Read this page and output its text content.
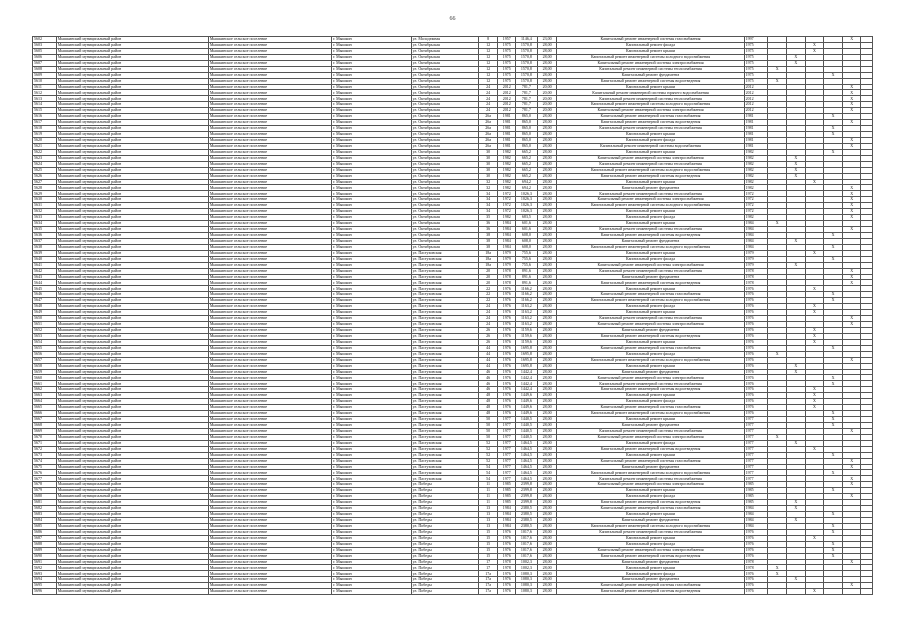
66
5602	Мышкинский муниципальный район	Мышкинское сельское поселение	г. Мышкин	ул. Молодежная	8	1957	1146,4	23,00	Капитальный ремонт инженерной системы газоснабжения	1997					X	
5603	Мышкинский муниципальный район	Мышкинское сельское поселение	г. Мышкин	ул. Октябрьская	12	1975	1570,8	28,00	Капитальный ремонт фасада	1975			X			
5605	Мышкинский муниципальный район	Мышкинское сельское поселение	г. Мышкин	ул. Октябрьская	12	1975	1570,8	28,00	Капитальный ремонт крыши	1975			X			
5606	Мышкинский муниципальный район	Мышкинское сельское поселение	г. Мышкин	ул. Октябрьская	12	1975	1570,8	28,00	Капитальный ремонт инженерной системы холодного водоснабжения	1975		X				
5607	Мышкинский муниципальный район	Мышкинское сельское поселение	г. Мышкин	ул. Октябрьская	12	1975	1570,8	28,00	Капитальный ремонт инженерной системы электроснабжения	1975		X				
5608	Мышкинский муниципальный район	Мышкинское сельское поселение	г. Мышкин	ул. Октябрьская	12	1975	1570,8	28,00	Капитальный ремонт инженерной системы теплоснабжения	1975	X					
5609	Мышкинский муниципальный район	Мышкинское сельское поселение	г. Мышкин	ул. Октябрьская	12	1975	1570,8	28,00	Капитальный ремонт фундамента	1975				X		
5610	Мышкинский муниципальный район	Мышкинское сельское поселение	г. Мышкин	ул. Октябрьская	12	1975	1570,8	28,00	Капитальный ремонт инженерной системы водоотведения	1975	X					
5611	Мышкинский муниципальный район	Мышкинское сельское поселение	г. Мышкин	ул. Октябрьская	24	2012	781,7	20,00	Капитальный ремонт крыши	2012					X	
5612	Мышкинский муниципальный район	Мышкинское сельское поселение	г. Мышкин	ул. Октябрьская	24	2012	781,7	20,00	Капитальный ремонт инженерной системы горячего водоснабжения	2012					X	
5613	Мышкинский муниципальный район	Мышкинское сельское поселение	г. Мышкин	ул. Октябрьская	24	2012	781,7	20,00	Капитальный ремонт инженерной системы теплоснабжения	2012					X	
5614	Мышкинский муниципальный район	Мышкинское сельское поселение	г. Мышкин	ул. Октябрьская	24	2012	781,7	20,00	Капитальный ремонт инженерной системы холодного водоснабжения	2012					X	
5615	Мышкинский муниципальный район	Мышкинское сельское поселение	г. Мышкин	ул. Октябрьская	24	2012	781,7	20,00	Капитальный ремонт инженерной системы электроснабжения	2012					X	
5616	Мышкинский муниципальный район	Мышкинское сельское поселение	г. Мышкин	ул. Октябрьская	26а	1981	865,0	28,00	Капитальный ремонт инженерной системы газоснабжения	1981				X		
5617	Мышкинский муниципальный район	Мышкинское сельское поселение	г. Мышкин	ул. Октябрьская	26а	1981	865,0	28,00	Капитальный ремонт инженерной системы водоотведения	1981					X	
5618	Мышкинский муниципальный район	Мышкинское сельское поселение	г. Мышкин	ул. Октябрьская	26а	1981	865,0	28,00	Капитальный ремонт инженерной системы теплоснабжения	1981				X		
5619	Мышкинский муниципальный район	Мышкинское сельское поселение	г. Мышкин	ул. Октябрьская	26а	1981	865,0	28,00	Капитальный ремонт крыши	1981				X		
5620	Мышкинский муниципальный район	Мышкинское сельское поселение	г. Мышкин	ул. Октябрьская	26а	1981	865,0	28,00	Капитальный ремонт фасада	1981					X	
5621	Мышкинский муниципальный район	Мышкинское сельское поселение	г. Мышкин	ул. Октябрьская	26а	1981	865,0	28,00	Капитальный ремонт инженерной системы водоснабжения	1981					X	
5622	Мышкинский муниципальный район	Мышкинское сельское поселение	г. Мышкин	ул. Октябрьская	30	1982	665,2	28,00	Капитальный ремонт крыши	1982				X		
5623	Мышкинский муниципальный район	Мышкинское сельское поселение	г. Мышкин	ул. Октябрьская	30	1982	665,2	28,00	Капитальный ремонт инженерной системы электроснабжения	1982		X				
5624	Мышкинский муниципальный район	Мышкинское сельское поселение	г. Мышкин	ул. Октябрьская	30	1982	665,2	28,00	Капитальный ремонт инженерной системы теплоснабжения	1982		X				
5625	Мышкинский муниципальный район	Мышкинское сельское поселение	г. Мышкин	ул. Октябрьская	30	1982	665,2	28,00	Капитальный ремонт инженерной системы холодного водоснабжения	1982		X				
5626	Мышкинский муниципальный район	Мышкинское сельское поселение	г. Мышкин	ул. Октябрьская	30	1982	665,2	28,00	Капитальный ремонт инженерной системы водоотведения	1982		X				
5627	Мышкинский муниципальный район	Мышкинское сельское поселение	г. Мышкин	ул. Октябрьская	32	1982	694,2	28,00	Капитальный ремонт крыши	1982			X			
5628	Мышкинский муниципальный район	Мышкинское сельское поселение	г. Мышкин	ул. Октябрьская	32	1982	694,2	28,00	Капитальный ремонт фундамента	1982					X	
5629	Мышкинский муниципальный район	Мышкинское сельское поселение	г. Мышкин	ул. Октябрьская	34	1972	1026,3	28,00	Капитальный ремонт инженерной системы теплоснабжения	1972					X	
5630	Мышкинский муниципальный район	Мышкинское сельское поселение	г. Мышкин	ул. Октябрьская	34	1972	1026,3	28,00	Капитальный ремонт инженерной системы электроснабжения	1972					X	
5631	Мышкинский муниципальный район	Мышкинское сельское поселение	г. Мышкин	ул. Октябрьская	34	1972	1026,3	28,00	Капитальный ремонт инженерной системы холодного водоснабжения	1972					X	
5632	Мышкинский муниципальный район	Мышкинское сельское поселение	г. Мышкин	ул. Октябрьская	34	1972	1026,3	28,00	Капитальный ремонт крыши	1972					X	
5633	Мышкинский муниципальный район	Мышкинское сельское поселение	г. Мышкин	ул. Октябрьская	35	1982	683,5	28,00	Капитальный ремонт фасада	1982					X	
5634	Мышкинский муниципальный район	Мышкинское сельское поселение	г. Мышкин	ул. Октябрьская	36	1984	601,6	28,00	Капитальный ремонт крыши	1984	X					
5635	Мышкинский муниципальный район	Мышкинское сельское поселение	г. Мышкин	ул. Октябрьская	36	1984	601,6	28,00	Капитальный ремонт инженерной системы теплоснабжения	1984					X	
5636	Мышкинский муниципальный район	Мышкинское сельское поселение	г. Мышкин	ул. Октябрьская	38	1984	608,0	28,00	Капитальный ремонт инженерной системы водоотведения	1984				X		
5637	Мышкинский муниципальный район	Мышкинское сельское поселение	г. Мышкин	ул. Октябрьская	38	1984	608,0	28,00	Капитальный ремонт фундамента	1984		X				
5638	Мышкинский муниципальный район	Мышкинское сельское поселение	г. Мышкин	ул. Октябрьская	38	1984	608,0	28,00	Капитальный ремонт инженерной системы холодного водоснабжения	1984				X		
5639	Мышкинский муниципальный район	Мышкинское сельское поселение	г. Мышкин	ул. Пастуховская	18а	1979	755,6	28,00	Капитальный ремонт крыши	1979			X			
5640	Мышкинский муниципальный район	Мышкинское сельское поселение	г. Мышкин	ул. Пастуховская	18а	1979	755,6	28,00	Капитальный ремонт фасада	1979				X		
5641	Мышкинский муниципальный район	Мышкинское сельское поселение	г. Мышкин	ул. Пастуховская	18а	1979	755,6	28,00	Капитальный ремонт инженерной системы электроснабжения	1979		X				
5642	Мышкинский муниципальный район	Мышкинское сельское поселение	г. Мышкин	ул. Пастуховская	20	1978	891,6	28,00	Капитальный ремонт инженерной системы теплоснабжения	1978					X	
5643	Мышкинский муниципальный район	Мышкинское сельское поселение	г. Мышкин	ул. Пастуховская	20	1978	891,6	28,00	Капитальный ремонт фундамента	1978					X	
5644	Мышкинский муниципальный район	Мышкинское сельское поселение	г. Мышкин	ул. Пастуховская	20	1978	891,6	28,00	Капитальный ремонт инженерной системы водоотведения	1978					X	
5645	Мышкинский муниципальный район	Мышкинское сельское поселение	г. Мышкин	ул. Пастуховская	22	1976	1166,2	28,00	Капитальный ремонт крыши	1976			X			
5646	Мышкинский муниципальный район	Мышкинское сельское поселение	г. Мышкин	ул. Пастуховская	22	1976	1166,2	28,00	Капитальный ремонт инженерной системы газоснабжения	1976				X		
5647	Мышкинский муниципальный район	Мышкинское сельское поселение	г. Мышкин	ул. Пастуховская	22	1976	1166,2	28,00	Капитальный ремонт инженерной системы холодного водоснабжения	1976				X		
5648	Мышкинский муниципальный район	Мышкинское сельское поселение	г. Мышкин	ул. Пастуховская	24	1976	1163,2	28,00	Капитальный ремонт фасада	1976			X			
5649	Мышкинский муниципальный район	Мышкинское сельское поселение	г. Мышкин	ул. Пастуховская	24	1976	1163,2	28,00	Капитальный ремонт крыши	1976			X			
5650	Мышкинский муниципальный район	Мышкинское сельское поселение	г. Мышкин	ул. Пастуховская	24	1976	1163,2	28,00	Капитальный ремонт инженерной системы теплоснабжения	1976					X	
5651	Мышкинский муниципальный район	Мышкинское сельское поселение	г. Мышкин	ул. Пастуховская	24	1976	1163,2	28,00	Капитальный ремонт инженерной системы электроснабжения	1976					X	
5652	Мышкинский муниципальный район	Мышкинское сельское поселение	г. Мышкин	ул. Пастуховская	26	1976	1159,6	28,00	Капитальный ремонт фундамента	1976			X			
5653	Мышкинский муниципальный район	Мышкинское сельское поселение	г. Мышкин	ул. Пастуховская	26	1976	1159,6	28,00	Капитальный ремонт инженерной системы водоотведения	1976			X			
5654	Мышкинский муниципальный район	Мышкинское сельское поселение	г. Мышкин	ул. Пастуховская	26	1976	1159,6	28,00	Капитальный ремонт крыши	1976			X			
5655	Мышкинский муниципальный район	Мышкинское сельское поселение	г. Мышкин	ул. Пастуховская	44	1976	1695,8	28,00	Капитальный ремонт инженерной системы газоснабжения	1976				X		
5656	Мышкинский муниципальный район	Мышкинское сельское поселение	г. Мышкин	ул. Пастуховская	44	1976	1695,8	28,00	Капитальный ремонт фасада	1976	X					
5657	Мышкинский муниципальный район	Мышкинское сельское поселение	г. Мышкин	ул. Пастуховская	44	1976	1695,8	28,00	Капитальный ремонт инженерной системы холодного водоснабжения	1976					X	
5658	Мышкинский муниципальный район	Мышкинское сельское поселение	г. Мышкин	ул. Пастуховская	44	1976	1695,8	28,00	Капитальный ремонт крыши	1976		X				
5659	Мышкинский муниципальный район	Мышкинское сельское поселение	г. Мышкин	ул. Пастуховская	46	1976	1442,4	28,00	Капитальный ремонт фундамента	1976		X				
5660	Мышкинский муниципальный район	Мышкинское сельское поселение	г. Мышкин	ул. Пастуховская	46	1976	1442,4	28,00	Капитальный ремонт инженерной системы электроснабжения	1976				X		
5661	Мышкинский муниципальный район	Мышкинское сельское поселение	г. Мышкин	ул. Пастуховская	46	1976	1442,4	28,00	Капитальный ремонт инженерной системы теплоснабжения	1976				X		
5662	Мышкинский муниципальный район	Мышкинское сельское поселение	г. Мышкин	ул. Пастуховская	46	1976	1442,4	28,00	Капитальный ремонт инженерной системы водоотведения	1976			X			
5663	Мышкинский муниципальный район	Мышкинское сельское поселение	г. Мышкин	ул. Пастуховская	48	1976	1449,6	28,00	Капитальный ремонт крыши	1976			X			
5664	Мышкинский муниципальный район	Мышкинское сельское поселение	г. Мышкин	ул. Пастуховская	48	1976	1449,6	28,00	Капитальный ремонт фасада	1976			X			
5665	Мышкинский муниципальный район	Мышкинское сельское поселение	г. Мышкин	ул. Пастуховская	48	1976	1449,6	28,00	Капитальный ремонт инженерной системы газоснабжения	1976			X			
5666	Мышкинский муниципальный район	Мышкинское сельское поселение	г. Мышкин	ул. Пастуховская	48	1976	1449,6	28,00	Капитальный ремонт инженерной системы холодного водоснабжения	1976				X		
5667	Мышкинский муниципальный район	Мышкинское сельское поселение	г. Мышкин	ул. Пастуховская	50	1977	1440,5	28,00	Капитальный ремонт крыши	1977				X		
5668	Мышкинский муниципальный район	Мышкинское сельское поселение	г. Мышкин	ул. Пастуховская	50	1977	1440,5	28,00	Капитальный ремонт фундамента	1977				X		
5669	Мышкинский муниципальный район	Мышкинское сельское поселение	г. Мышкин	ул. Пастуховская	50	1977	1440,5	28,00	Капитальный ремонт инженерной системы теплоснабжения	1977					X	
5670	Мышкинский муниципальный район	Мышкинское сельское поселение	г. Мышкин	ул. Пастуховская	50	1977	1440,5	28,00	Капитальный ремонт инженерной системы электроснабжения	1977	X					
5671	Мышкинский муниципальный район	Мышкинское сельское поселение	г. Мышкин	ул. Пастуховская	52	1977	1464,5	28,00	Капитальный ремонт фасада	1977		X				
5672	Мышкинский муниципальный район	Мышкинское сельское поселение	г. Мышкин	ул. Пастуховская	52	1977	1464,5	28,00	Капитальный ремонт инженерной системы водоотведения	1977			X			
5673	Мышкинский муниципальный район	Мышкинское сельское поселение	г. Мышкин	ул. Пастуховская	52	1977	1464,5	28,00	Капитальный ремонт крыши	1977				X		
5674	Мышкинский муниципальный район	Мышкинское сельское поселение	г. Мышкин	ул. Пастуховская	52	1977	1464,5	28,00	Капитальный ремонт инженерной системы газоснабжения	1977					X	
5675	Мышкинский муниципальный район	Мышкинское сельское поселение	г. Мышкин	ул. Пастуховская	54	1977	1464,5	28,00	Капитальный ремонт фундамента	1977					X	
5676	Мышкинский муниципальный район	Мышкинское сельское поселение	г. Мышкин	ул. Пастуховская	54	1977	1464,5	28,00	Капитальный ремонт инженерной системы холодного водоснабжения	1977				X		
5677	Мышкинский муниципальный район	Мышкинское сельское поселение	г. Мышкин	ул. Пастуховская	54	1977	1464,5	28,00	Капитальный ремонт инженерной системы теплоснабжения	1977					X	
5678	Мышкинский муниципальный район	Мышкинское сельское поселение	г. Мышкин	ул. Победы	11	1985	2399,8	28,00	Капитальный ремонт инженерной системы электроснабжения	1985					X	
5679	Мышкинский муниципальный район	Мышкинское сельское поселение	г. Мышкин	ул. Победы	11	1985	2399,8	28,00	Капитальный ремонт крыши	1985				X		
5680	Мышкинский муниципальный район	Мышкинское сельское поселение	г. Мышкин	ул. Победы	11	1985	2399,8	28,00	Капитальный ремонт фасада	1985					X	
5681	Мышкинский муниципальный район	Мышкинское сельское поселение	г. Мышкин	ул. Победы	11	1985	2399,8	28,00	Капитальный ремонт инженерной системы водоотведения	1985		X				
5682	Мышкинский муниципальный район	Мышкинское сельское поселение	г. Мышкин	ул. Победы	13	1984	2380,5	28,00	Капитальный ремонт инженерной системы газоснабжения	1984		X				
5683	Мышкинский муниципальный район	Мышкинское сельское поселение	г. Мышкин	ул. Победы	13	1984	2380,5	28,00	Капитальный ремонт крыши	1984				X		
5684	Мышкинский муниципальный район	Мышкинское сельское поселение	г. Мышкин	ул. Победы	13	1984	2380,5	28,00	Капитальный ремонт фундамента	1984		X				
5685	Мышкинский муниципальный район	Мышкинское сельское поселение	г. Мышкин	ул. Победы	13	1984	2380,5	28,00	Капитальный ремонт инженерной системы холодного водоснабжения	1984				X		
5686	Мышкинский муниципальный район	Мышкинское сельское поселение	г. Мышкин	ул. Победы	15	1976	1017,6	28,00	Капитальный ремонт инженерной системы теплоснабжения	1976				X		
5687	Мышкинский муниципальный район	Мышкинское сельское поселение	г. Мышкин	ул. Победы	15	1976	1017,6	28,00	Капитальный ремонт крыши	1976			X			
5688	Мышкинский муниципальный район	Мышкинское сельское поселение	г. Мышкин	ул. Победы	15	1976	1017,6	28,00	Капитальный ремонт фасада	1976				X		
5689	Мышкинский муниципальный район	Мышкинское сельское поселение	г. Мышкин	ул. Победы	15	1976	1017,6	28,00	Капитальный ремонт инженерной системы электроснабжения	1976				X		
5690	Мышкинский муниципальный район	Мышкинское сельское поселение	г. Мышкин	ул. Победы	15	1976	1017,6	28,00	Капитальный ремонт инженерной системы водоотведения	1976				X		
5691	Мышкинский муниципальный район	Мышкинское сельское поселение	г. Мышкин	ул. Победы	17	1978	1002,3	28,00	Капитальный ремонт фундамента	1978					X	
5692	Мышкинский муниципальный район	Мышкинское сельское поселение	г. Мышкин	ул. Победы	17	1978	1002,3	28,00	Капитальный ремонт крыши	1978	X					
5693	Мышкинский муниципальный район	Мышкинское сельское поселение	г. Мышкин	ул. Победы	17а	1976	1080,3	28,00	Капитальный ремонт фасада	1976	X					
5694	Мышкинский муниципальный район	Мышкинское сельское поселение	г. Мышкин	ул. Победы	17а	1976	1080,3	28,00	Капитальный ремонт фундамента	1976		X				
5695	Мышкинский муниципальный район	Мышкинское сельское поселение	г. Мышкин	ул. Победы	17а	1976	1080,3	28,00	Капитальный ремонт инженерной системы газоснабжения	1976					X	
5696	Мышкинский муниципальный район	Мышкинское сельское поселение	г. Мышкин	ул. Победы	17а	1976	1080,3	28,00	Капитальный ремонт инженерной системы водоотведения	1976			X			
